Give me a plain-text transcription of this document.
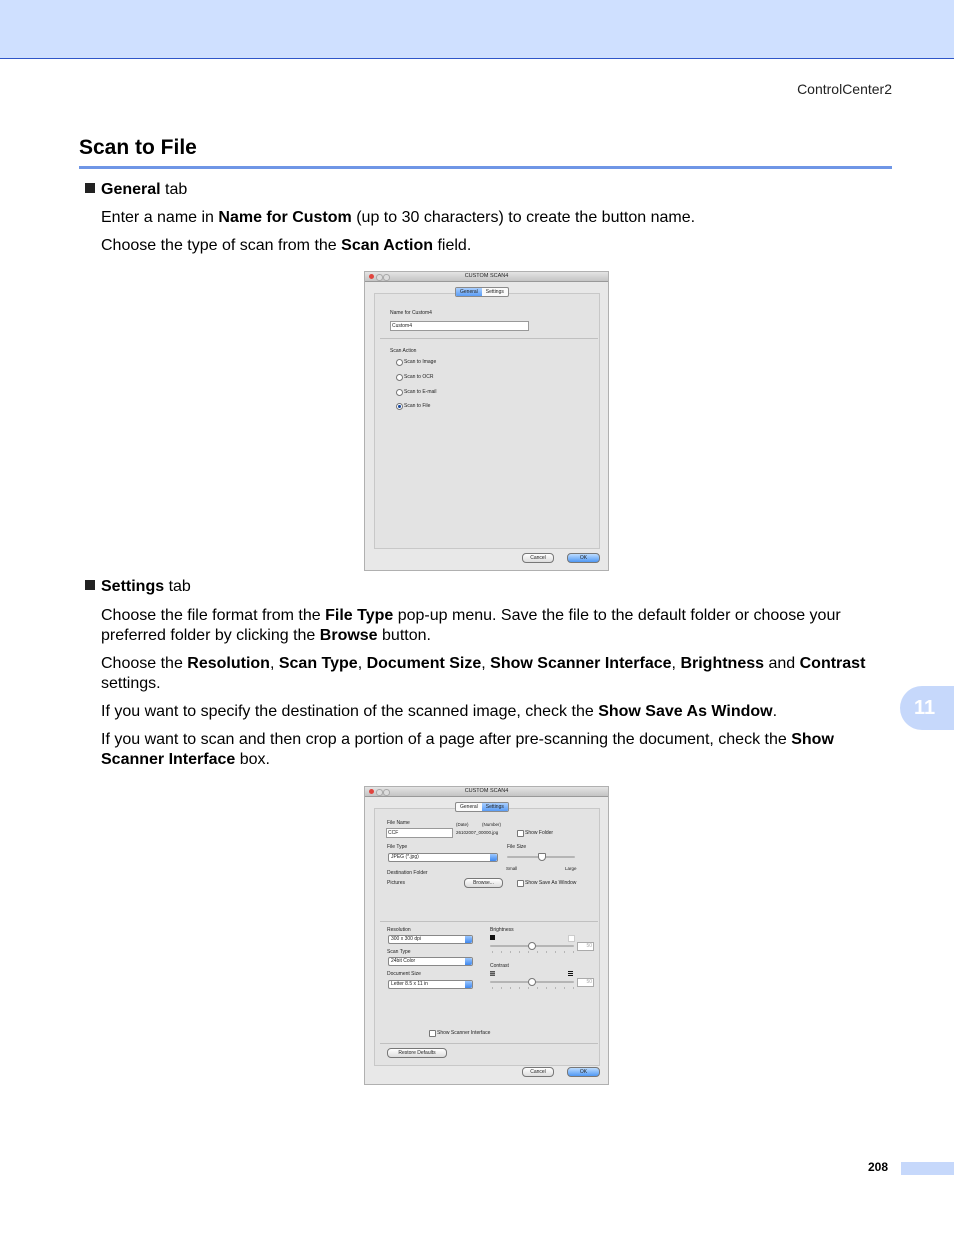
ControlCenter2
Scan to File
General tab
Enter a name in Name for Custom (up to 30 characters) to create the button name.
Choose the type of scan from the Scan Action field.
CUSTOM SCAN4
General	Settings
Name for Custom4
Custom4
Scan Action
Scan to Image
Scan to OCR
Scan to E-mail
Scan to File
Cancel	OK
Settings tab
Choose the file format from the File Type pop-up menu. Save the file to the default folder or choose your preferred folder by clicking the Browse button.
Choose the Resolution, Scan Type, Document Size, Show Scanner Interface, Brightness and Contrast settings.
If you want to specify the destination of the scanned image, check the Show Save As Window.
If you want to scan and then crop a portion of a page after pre-scanning the document, check the Show Scanner Interface box.
CUSTOM SCAN4
General	Settings
File Name	(Date)	(Number)
CCF	26102007_00000.jpg	Show Folder
File Type
JPEG (*.jpg)
File Size
Small	Large
Destination Folder
Pictures	Browse...	Show Save As Window
Resolution
300 x 300 dpi
Scan Type
24bit Color
Document Size
Letter 8.5 x 11 in
Brightness
50
Contrast
50
Show Scanner Interface
Restore Defaults
Cancel	OK
11
208
